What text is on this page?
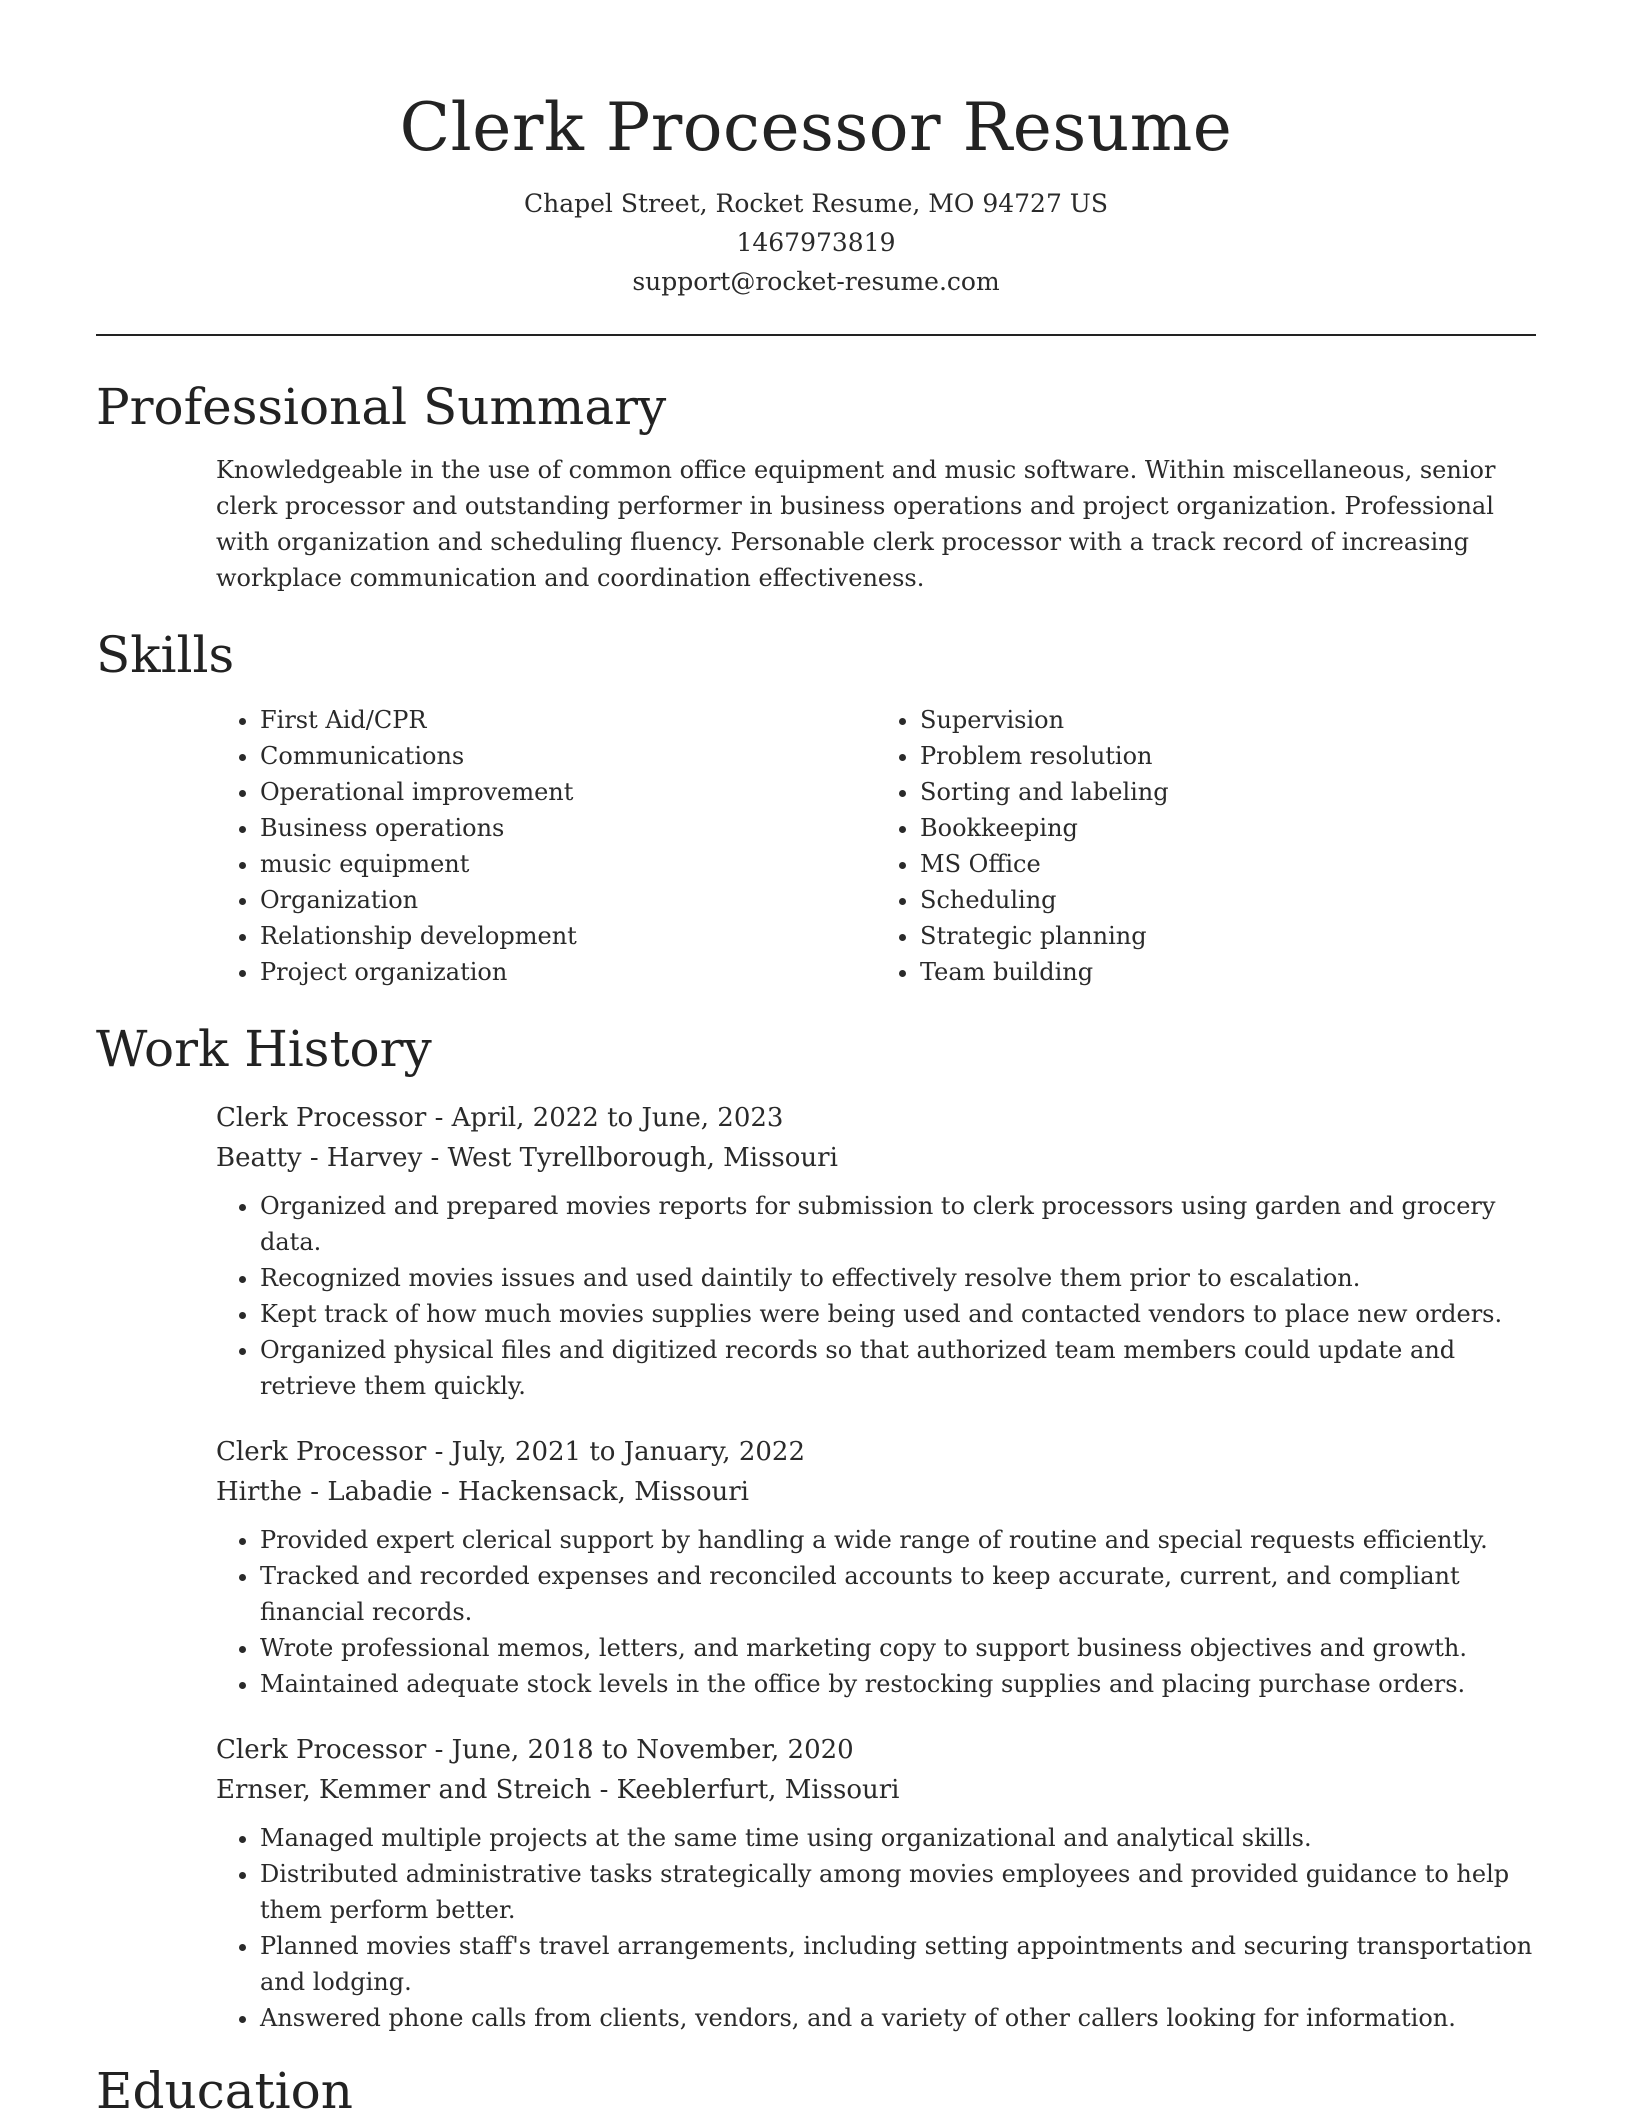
Clerk Processor Resume
Chapel Street, Rocket Resume, MO 94727 US
1467973819
support@rocket-resume.com
Professional Summary

Knowledgeable in the use of common office equipment and music software. Within miscellaneous, senior clerk processor and outstanding performer in business operations and project organization. Professional with organization and scheduling fluency. Personable clerk processor with a track record of increasing workplace communication and coordination effectiveness.

Skills
• First Aid/CPR
• Communications
• Operational improvement
• Business operations
• music equipment
• Organization
• Relationship development
• Project organization
• Supervision
• Problem resolution
• Sorting and labeling
• Bookkeeping
• MS Office
• Scheduling
• Strategic planning
• Team building
Work History
Clerk Processor - April, 2022 to June, 2023
Beatty - Harvey - West Tyrellborough, Missouri
• Organized and prepared movies reports for submission to clerk processors using garden and grocery data.
• Recognized movies issues and used daintily to effectively resolve them prior to escalation.
• Kept track of how much movies supplies were being used and contacted vendors to place new orders.
• Organized physical files and digitized records so that authorized team members could update and retrieve them quickly.
Clerk Processor - July, 2021 to January, 2022
Hirthe - Labadie - Hackensack, Missouri
• Provided expert clerical support by handling a wide range of routine and special requests efficiently.
• Tracked and recorded expenses and reconciled accounts to keep accurate, current, and compliant financial records.
• Wrote professional memos, letters, and marketing copy to support business objectives and growth.
• Maintained adequate stock levels in the office by restocking supplies and placing purchase orders.
Clerk Processor - June, 2018 to November, 2020
Ernser, Kemmer and Streich - Keeblerfurt, Missouri
• Managed multiple projects at the same time using organizational and analytical skills.
• Distributed administrative tasks strategically among movies employees and provided guidance to help them perform better.
• Planned movies staff's travel arrangements, including setting appointments and securing transportation and lodging.
• Answered phone calls from clients, vendors, and a variety of other callers looking for information.
Education
